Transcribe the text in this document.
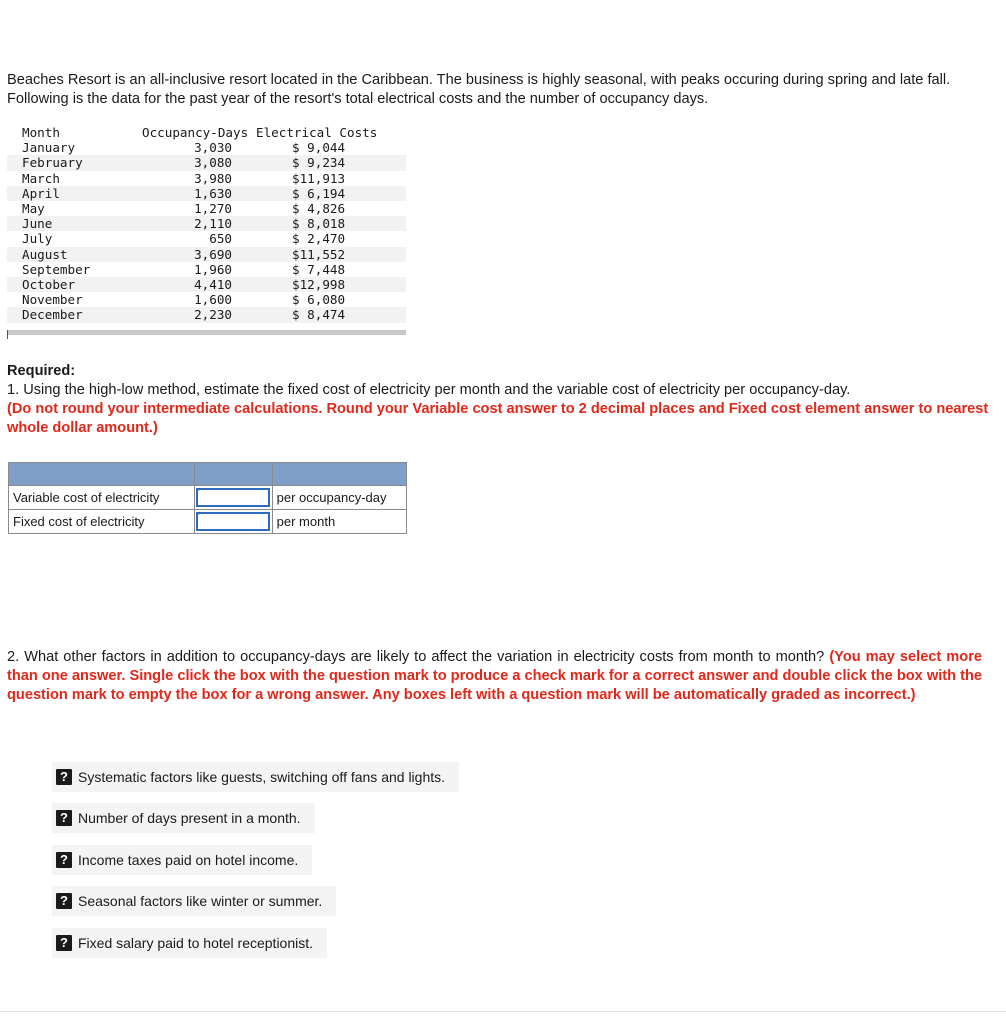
Beaches Resort is an all-inclusive resort located in the Caribbean. The business is highly seasonal, with peaks occuring during spring and late fall. Following is the data for the past year of the resort's total electrical costs and the number of occupancy days.
Month	Occupancy-Days	Electrical Costs
January	3,030	$ 9,044
February	3,080	$ 9,234
March	3,980	$11,913
April	1,630	$ 6,194
May	1,270	$ 4,826
June	2,110	$ 8,018
July	650	$ 2,470
August	3,690	$11,552
September	1,960	$ 7,448
October	4,410	$12,998
November	1,600	$ 6,080
December	2,230	$ 8,474
Required:
1. Using the high-low method, estimate the fixed cost of electricity per month and the variable cost of electricity per occupancy-day.
(Do not round your intermediate calculations. Round your Variable cost answer to 2 decimal places and Fixed cost element answer to nearest whole dollar amount.)

Variable cost of electricity		per occupancy-day
Fixed cost of electricity		per month
2. What other factors in addition to occupancy-days are likely to affect the variation in electricity costs from month to month? (You may select more than one answer. Single click the box with the question mark to produce a check mark for a correct answer and double click the box with the question mark to empty the box for a wrong answer. Any boxes left with a question mark will be automatically graded as incorrect.)
? Systematic factors like guests, switching off fans and lights.
? Number of days present in a month.
? Income taxes paid on hotel income.
? Seasonal factors like winter or summer.
? Fixed salary paid to hotel receptionist.
